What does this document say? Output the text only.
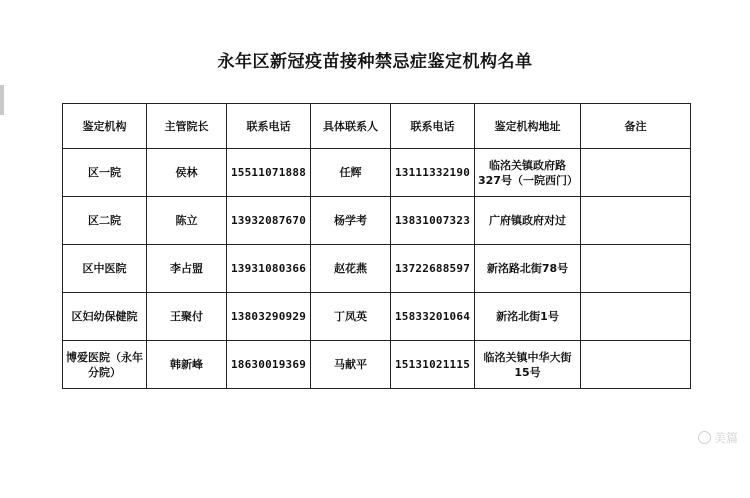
永年区新冠疫苗接种禁忌症鉴定机构名单
鉴定机构	主管院长	联系电话	具体联系人	联系电话	鉴定机构地址	备注
区一院	侯林	15511071888	任辉	13111332190	临洺关镇政府路327号（一院西门）	
区二院	陈立	13932087670	杨学考	13831007323	广府镇政府对过	
区中医院	李占盟	13931080366	赵花燕	13722688597	新洺路北街78号	
区妇幼保健院	王聚付	13803290929	丁凤英	15833201064	新洺北街1号	
博爱医院（永年分院）	韩新峰	18630019369	马献平	15131021115	临洺关镇中华大街15号	
美篇
